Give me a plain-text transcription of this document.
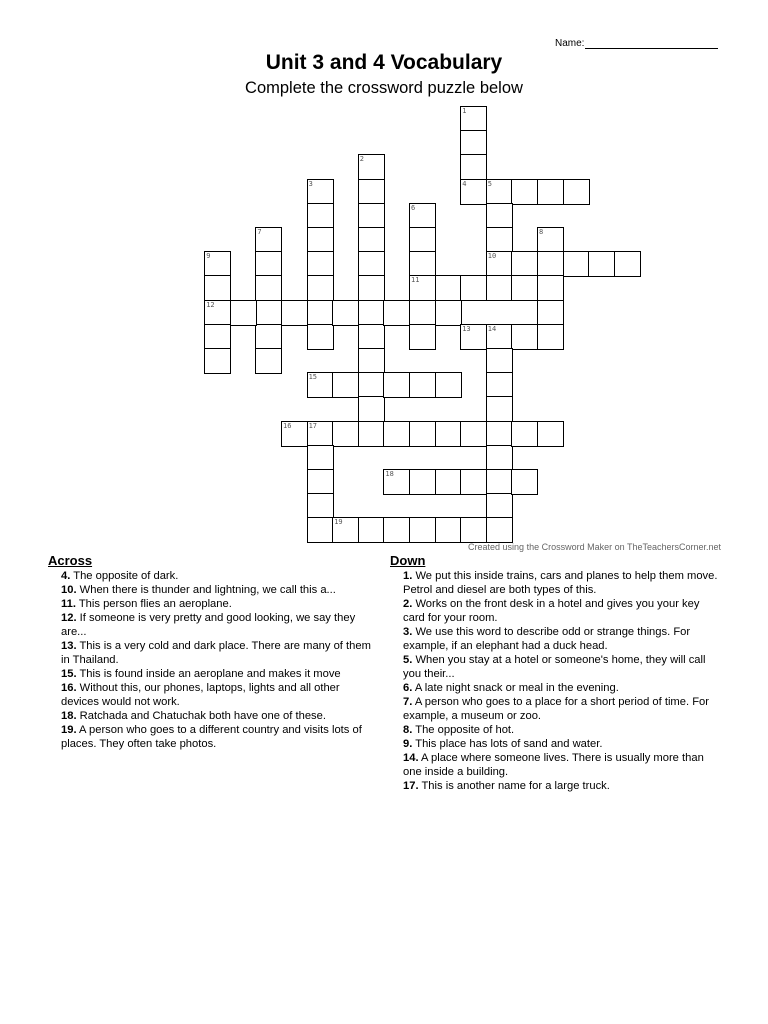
Name:
Unit 3 and 4 Vocabulary
Complete the crossword puzzle below
1
4
2
3	5
10
6
11
7	8
9
12
13 14
15
16 17
18
19
Created using the Crossword Maker on TheTeachersCorner.net
Across
4. The opposite of dark.
10. When there is thunder and lightning, we call this a...
11. This person flies an aeroplane.
12. If someone is very pretty and good looking, we say they are...
13. This is a very cold and dark place. There are many of them in Thailand.
15. This is found inside an aeroplane and makes it move
16. Without this, our phones, laptops, lights and all other devices would not work.
18. Ratchada and Chatuchak both have one of these.
19. A person who goes to a different country and visits lots of places. They often take photos.
Down
1. We put this inside trains, cars and planes to help them move. Petrol and diesel are both types of this.
2. Works on the front desk in a hotel and gives you your key card for your room.
3. We use this word to describe odd or strange things. For example, if an elephant had a duck head.
5. When you stay at a hotel or someone's home, they will call you their...
6. A late night snack or meal in the evening.
7. A person who goes to a place for a short period of time. For example, a museum or zoo.
8. The opposite of hot.
9. This place has lots of sand and water.
14. A place where someone lives. There is usually more than one inside a building.
17. This is another name for a large truck.
